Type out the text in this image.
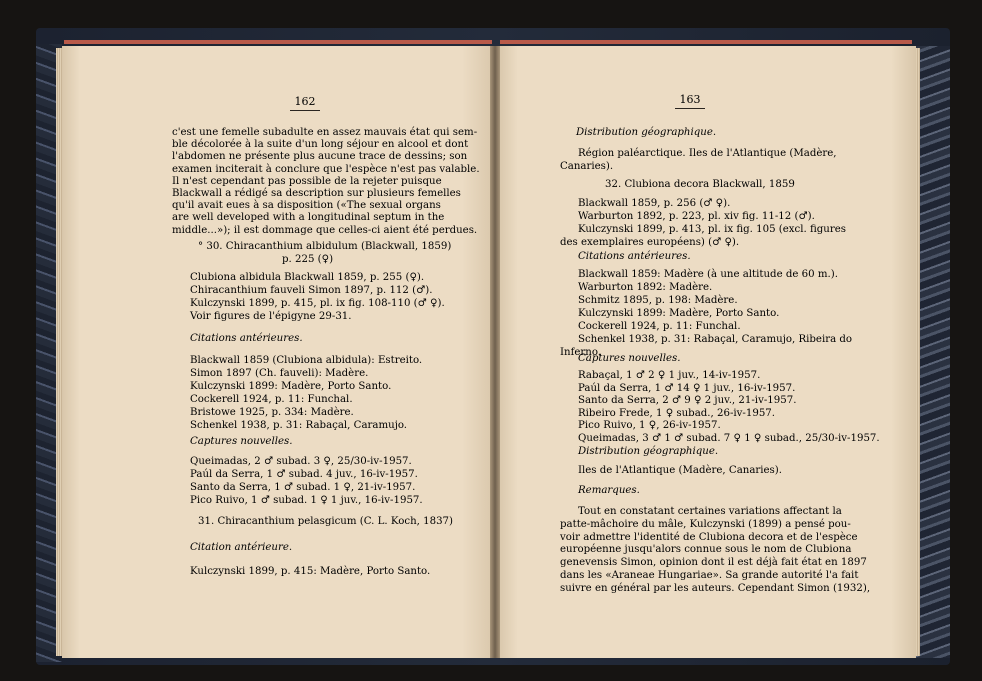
162	163
c'est une femelle subadulte en assez mauvais état qui sem-
ble décolorée à la suite d'un long séjour en alcool et dont
l'abdomen ne présente plus aucune trace de dessins; son
examen inciterait à conclure que l'espèce n'est pas valable.
Il n'est cependant pas possible de la rejeter puisque
Blackwall a rédigé sa description sur plusieurs femelles
qu'il avait eues à sa disposition («The sexual organs
are well developed with a longitudinal septum in the
middle...»); il est dommage que celles-ci aient été perdues.
° 30. Chiracanthium albidulum (Blackwall, 1859)
p. 225 (♀)
Clubiona albidula Blackwall 1859, p. 255 (♀).
Chiracanthium fauveli Simon 1897, p. 112 (♂).
Kulczynski 1899, p. 415, pl. ix fig. 108-110 (♂ ♀).
Voir figures de l'épigyne 29-31.
Citations antérieures.
Blackwall 1859 (Clubiona albidula): Estreito.
Simon 1897 (Ch. fauveli): Madère.
Kulczynski 1899: Madère, Porto Santo.
Cockerell 1924, p. 11: Funchal.
Bristowe 1925, p. 334: Madère.
Schenkel 1938, p. 31: Rabaçal, Caramujo.
Captures nouvelles.
Queimadas, 2 ♂ subad. 3 ♀, 25/30-iv-1957.
Paúl da Serra, 1 ♂ subad. 4 juv., 16-iv-1957.
Santo da Serra, 1 ♂ subad. 1 ♀, 21-iv-1957.
Pico Ruivo, 1 ♂ subad. 1 ♀ 1 juv., 16-iv-1957.
31. Chiracanthium pelasgicum (C. L. Koch, 1837)
Citation antérieure.
Kulczynski 1899, p. 415: Madère, Porto Santo.
Distribution géographique.
Région paléarctique. Iles de l'Atlantique (Madère,
Canaries).
32. Clubiona decora Blackwall, 1859
Blackwall 1859, p. 256 (♂ ♀).
Warburton 1892, p. 223, pl. xiv fig. 11-12 (♂).
Kulczynski 1899, p. 413, pl. ix fig. 105 (excl. figures
des exemplaires européens) (♂ ♀).
Citations antérieures.
Blackwall 1859: Madère (à une altitude de 60 m.).
Warburton 1892: Madère.
Schmitz 1895, p. 198: Madère.
Kulczynski 1899: Madère, Porto Santo.
Cockerell 1924, p. 11: Funchal.
Schenkel 1938, p. 31: Rabaçal, Caramujo, Ribeira do
Inferno.
Captures nouvelles.
Rabaçal, 1 ♂ 2 ♀ 1 juv., 14-iv-1957.
Paúl da Serra, 1 ♂ 14 ♀ 1 juv., 16-iv-1957.
Santo da Serra, 2 ♂ 9 ♀ 2 juv., 21-iv-1957.
Ribeiro Frede, 1 ♀ subad., 26-iv-1957.
Pico Ruivo, 1 ♀, 26-iv-1957.
Queimadas, 3 ♂ 1 ♂ subad. 7 ♀ 1 ♀ subad., 25/30-iv-1957.
Distribution géographique.
Iles de l'Atlantique (Madère, Canaries).
Remarques.
Tout en constatant certaines variations affectant la
patte-mâchoire du mâle, Kulczynski (1899) a pensé pou-
voir admettre l'identité de Clubiona decora et de l'espèce
européenne jusqu'alors connue sous le nom de Clubiona
genevensis Simon, opinion dont il est déjà fait état en 1897
dans les «Araneae Hungariae». Sa grande autorité l'a fait
suivre en général par les auteurs. Cependant Simon (1932),
